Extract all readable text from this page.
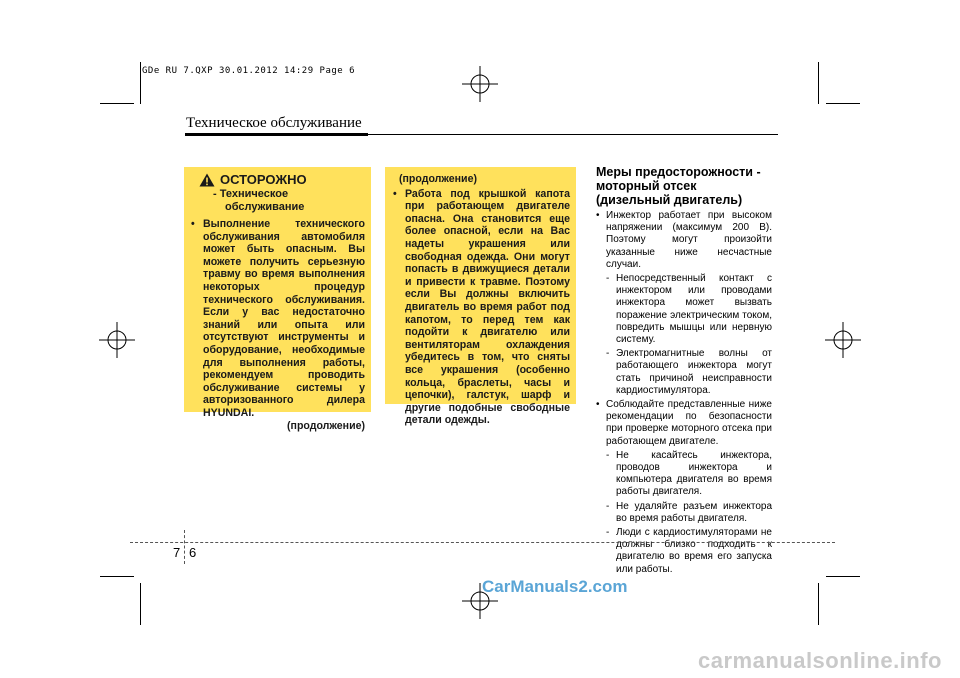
GDe RU 7.QXP 30.01.2012 14:29 Page 6
Техническое обслуживание
ОСТОРОЖНО
- Техническое
обслуживание
• Выполнение технического обслуживания автомобиля может быть опасным. Вы можете получить серьезную травму во время выполнения некоторых процедур технического обслуживания. Если у вас недостаточно знаний или опыта или отсутствуют инструменты и оборудование, необходимые для выполнения работы, рекомендуем проводить обслуживание системы у авторизованного дилера HYUNDAI.
(продолжение)
(продолжение)
• Работа под крышкой капота при работающем двигателе опасна. Она становится еще более опасной, если на Вас надеты украшения или свободная одежда. Они могут попасть в движущиеся детали и привести к травме. Поэтому если Вы должны включить двигатель во время работ под капотом, то перед тем как подойти к двигателю или вентиляторам охлаждения убедитесь в том, что сняты все украшения (особенно кольца, браслеты, часы и цепочки), галстук, шарф и другие подобные свободные детали одежды.
Меры предосторожности - моторный отсек (дизельный двигатель)
• Инжектор работает при высоком напряжении (максимум 200 В). Поэтому могут произойти указанные ниже несчастные случаи.
- Непосредственный контакт с инжектором или проводами инжектора может вызвать поражение электрическим током, повредить мышцы или нервную систему.
- Электромагнитные волны от работающего инжектора могут стать причиной неисправности кардиостимулятора.
• Соблюдайте представленные ниже рекомендации по безопасности при проверке моторного отсека при работающем двигателе.
- Не касайтесь инжектора, проводов инжектора и компьютера двигателя во время работы двигателя.
- Не удаляйте разъем инжектора во время работы двигателя.
- Люди с кардиостимуляторами не должны близко подходить к двигателю во время его запуска или работы.
7 6
CarManuals2.com
carmanualsonline.info
